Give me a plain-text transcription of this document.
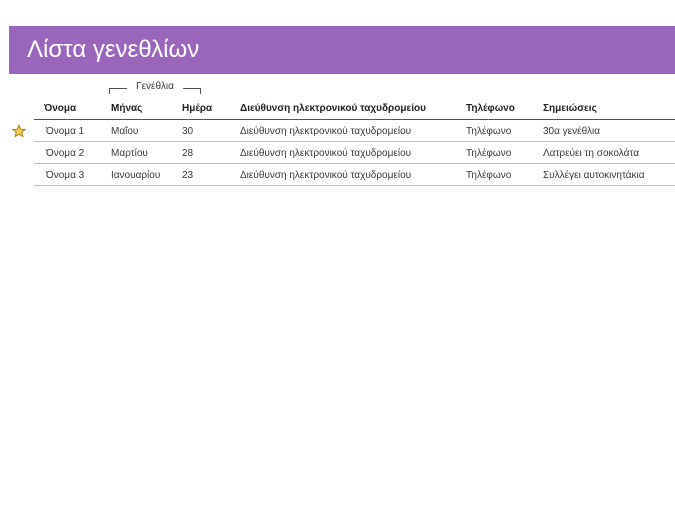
Λίστα γενεθλίων
Γενέθλια
Όνομα	Μήνας	Ημέρα	Διεύθυνση ηλεκτρονικού ταχυδρομείου	Τηλέφωνο	Σημειώσεις
Όνομα 1	Μαΐου	30	Διεύθυνση ηλεκτρονικού ταχυδρομείου	Τηλέφωνο	30α γενέθλια
Όνομα 2	Μαρτίου	28	Διεύθυνση ηλεκτρονικού ταχυδρομείου	Τηλέφωνο	Λατρεύει τη σοκολάτα
Όνομα 3	Ιανουαρίου 23	Διεύθυνση ηλεκτρονικού ταχυδρομείου	Τηλέφωνο	Συλλέγει αυτοκινητάκια
